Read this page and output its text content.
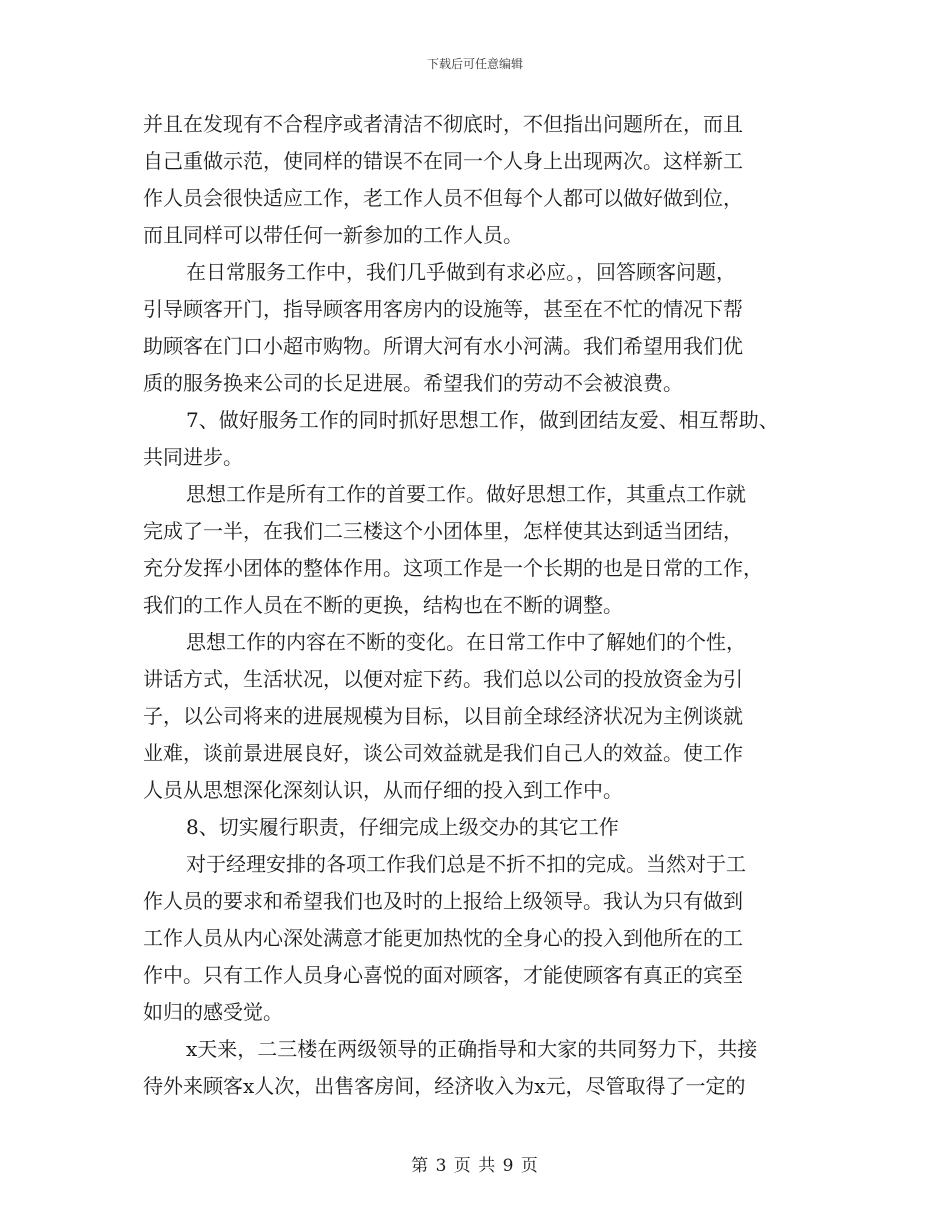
下载后可任意编辑
并且在发现有不合程序或者清洁不彻底时，不但指出问题所在，而且
自己重做示范，使同样的错误不在同一个人身上出现两次。这样新工
作人员会很快适应工作，老工作人员不但每个人都可以做好做到位，
而且同样可以带任何一新参加的工作人员。
在日常服务工作中，我们几乎做到有求必应。，回答顾客问题，
引导顾客开门，指导顾客用客房内的设施等，甚至在不忙的情况下帮
助顾客在门口小超市购物。所谓大河有水小河满。我们希望用我们优
质的服务换来公司的长足进展。希望我们的劳动不会被浪费。
7、做好服务工作的同时抓好思想工作，做到团结友爱、相互帮助、
共同进步。
思想工作是所有工作的首要工作。做好思想工作，其重点工作就
完成了一半，在我们二三楼这个小团体里，怎样使其达到适当团结，
充分发挥小团体的整体作用。这项工作是一个长期的也是日常的工作，
我们的工作人员在不断的更换，结构也在不断的调整。
思想工作的内容在不断的变化。在日常工作中了解她们的个性，
讲话方式，生活状况，以便对症下药。我们总以公司的投放资金为引
子，以公司将来的进展规模为目标，以目前全球经济状况为主例谈就
业难，谈前景进展良好，谈公司效益就是我们自己人的效益。使工作
人员从思想深化深刻认识，从而仔细的投入到工作中。
8、切实履行职责，仔细完成上级交办的其它工作
对于经理安排的各项工作我们总是不折不扣的完成。当然对于工
作人员的要求和希望我们也及时的上报给上级领导。我认为只有做到
工作人员从内心深处满意才能更加热忱的全身心的投入到他所在的工
作中。只有工作人员身心喜悦的面对顾客，才能使顾客有真正的宾至
如归的感受觉。
x天来，二三楼在两级领导的正确指导和大家的共同努力下，共接
待外来顾客x人次，出售客房间，经济收入为x元，尽管取得了一定的
第 3 页 共 9 页
